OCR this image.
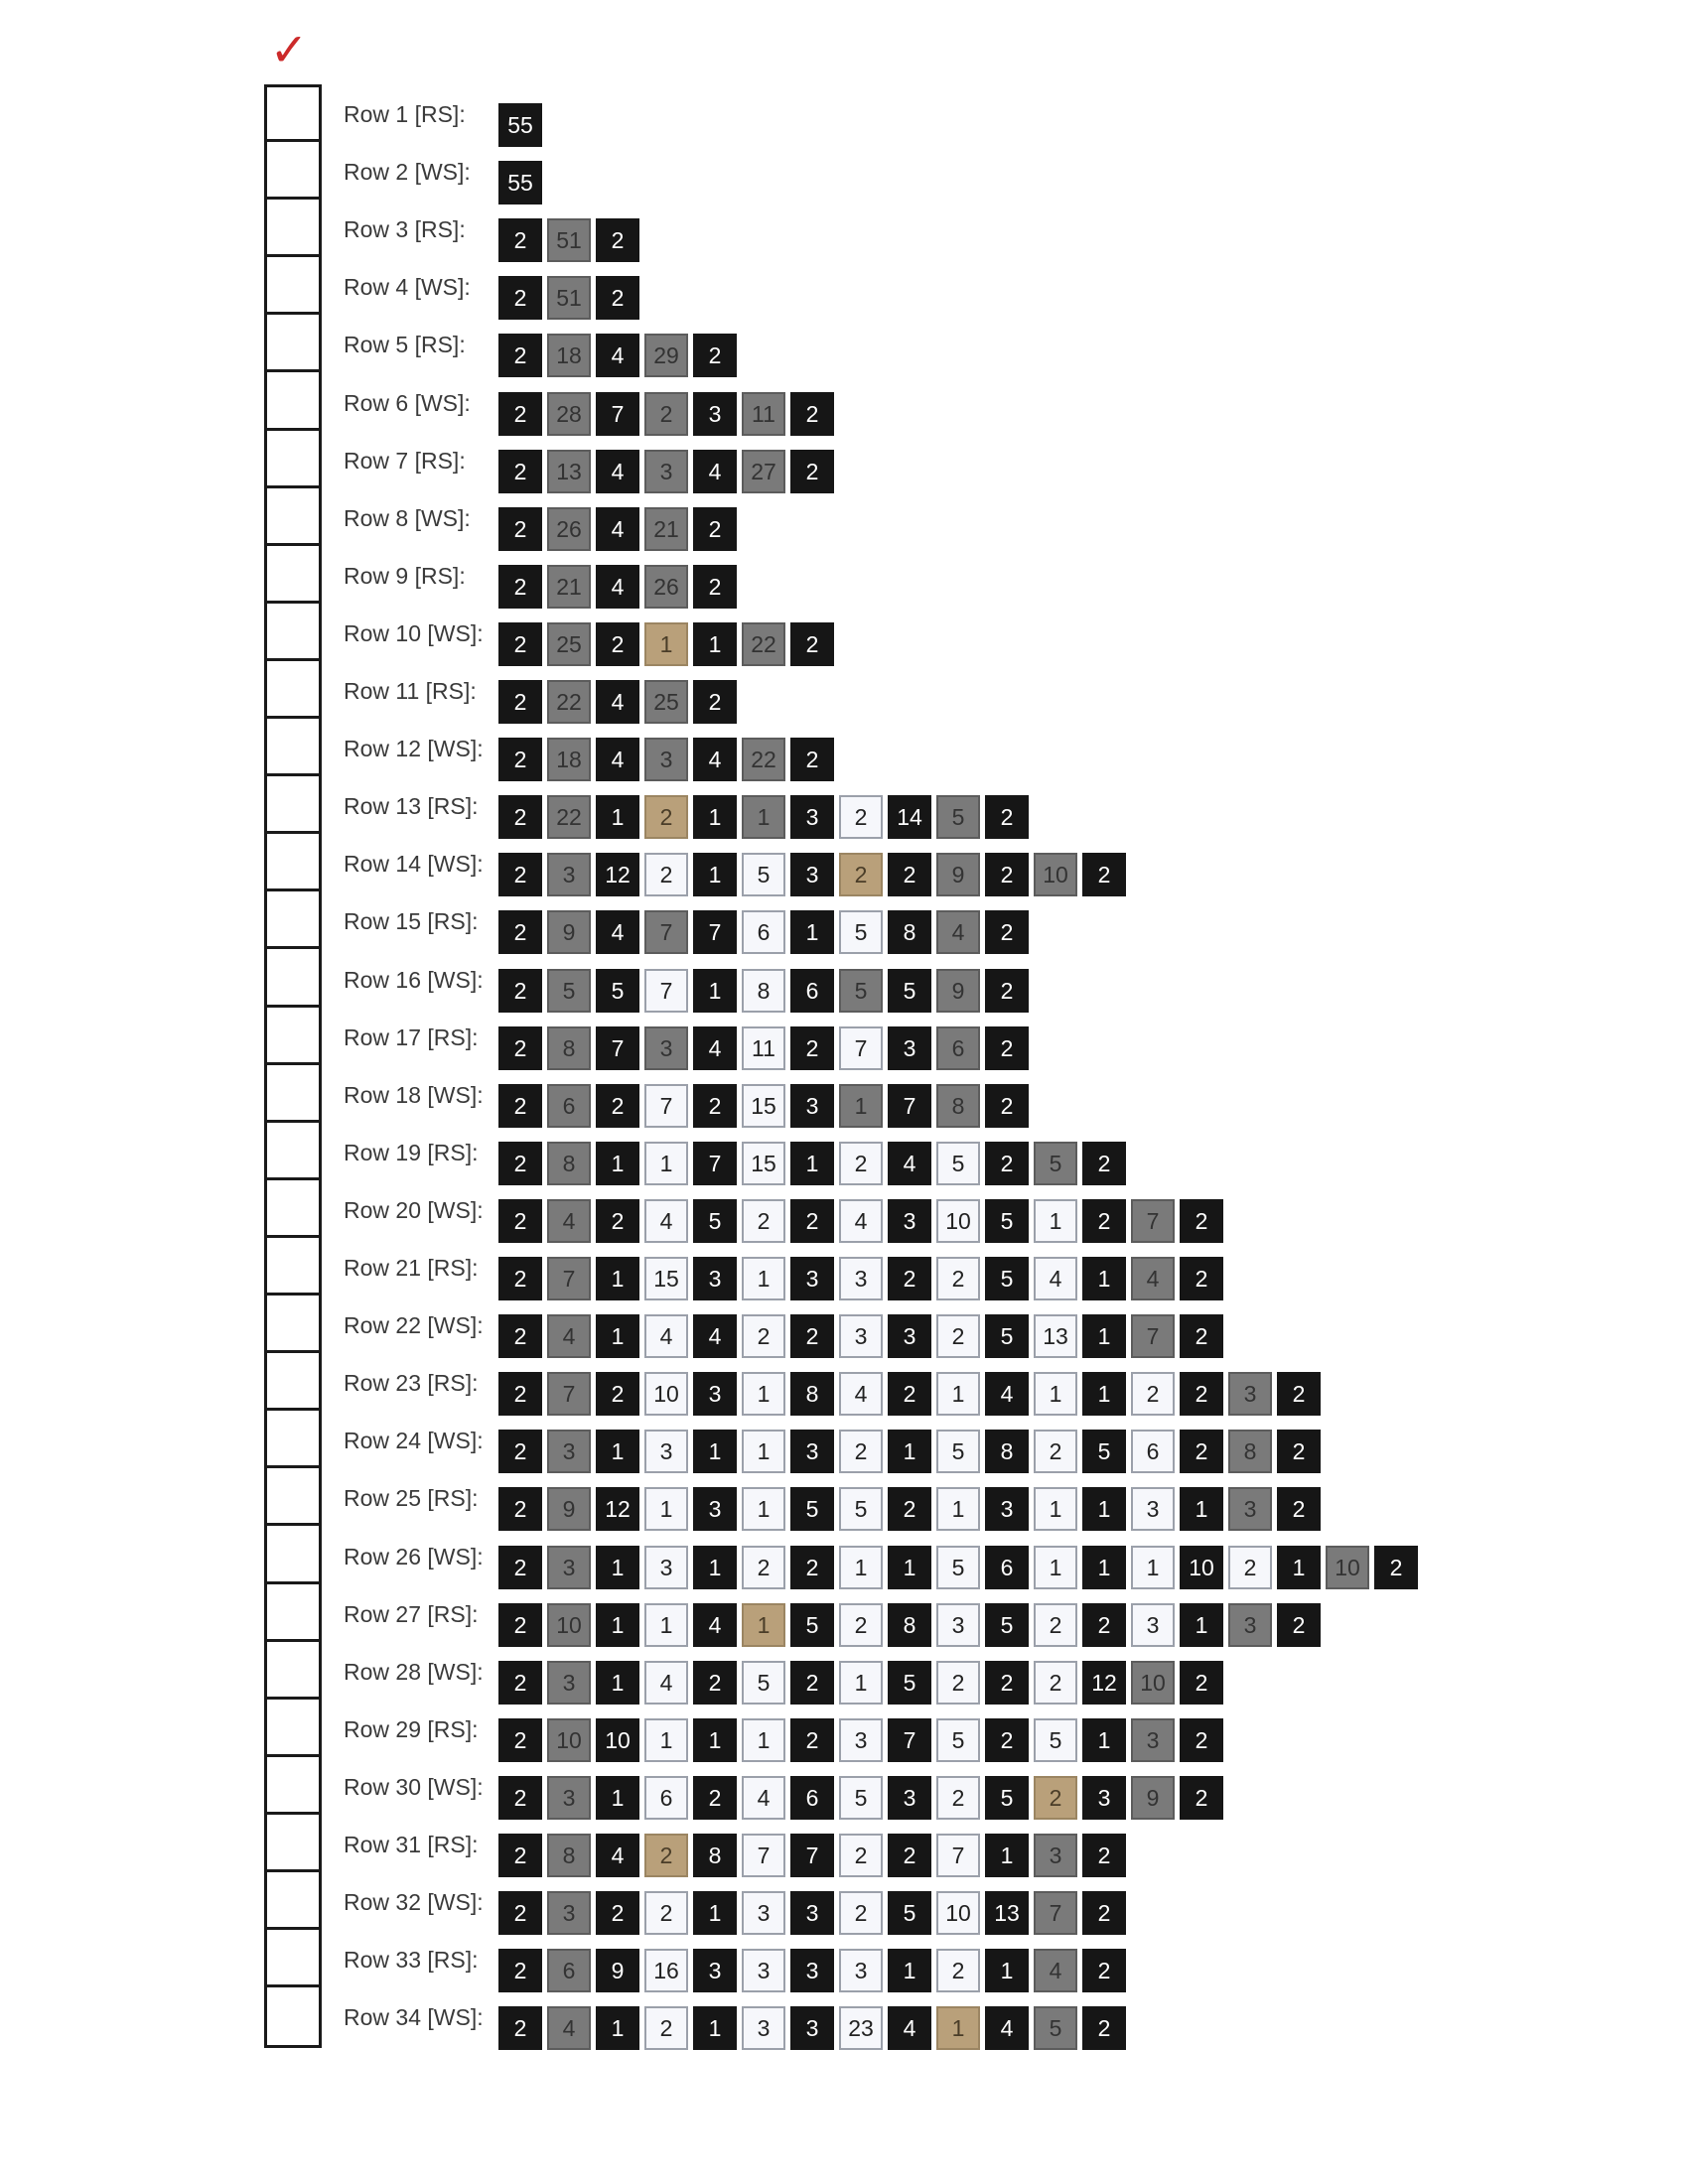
✓
Row 1 [RS]:	55
Row 2 [WS]:	55
Row 3 [RS]:	2	51	2
Row 4 [WS]:	2	51	2
Row 5 [RS]:	2	18	4	29	2
Row 6 [WS]:	2	28	7	2	3	11	2
Row 7 [RS]:	2	13	4	3	4	27	2
Row 8 [WS]:	2	26	4	21	2
Row 9 [RS]:	2	21	4	26	2
Row 10 [WS]:	2	25	2	1	1	22	2
Row 11 [RS]:	2	22	4	25	2
Row 12 [WS]:	2	18	4	3	4	22	2
Row 13 [RS]:	2	22	1	2	1	1	3	2	14	5	2
Row 14 [WS]:	2	3	12	2	1	5	3	2	2	9	2	10	2
Row 15 [RS]:	2	9	4	7	7	6	1	5	8	4	2
Row 16 [WS]:	2	5	5	7	1	8	6	5	5	9	2
Row 17 [RS]:	2	8	7	3	4	11	2	7	3	6	2
Row 18 [WS]:	2	6	2	7	2	15	3	1	7	8	2
Row 19 [RS]:	2	8	1	1	7	15	1	2	4	5	2	5	2
Row 20 [WS]:	2	4	2	4	5	2	2	4	3	10	5	1	2	7	2
Row 21 [RS]:	2	7	1	15	3	1	3	3	2	2	5	4	1	4	2
Row 22 [WS]:	2	4	1	4	4	2	2	3	3	2	5	13	1	7	2
Row 23 [RS]:	2	7	2	10	3	1	8	4	2	1	4	1	1	2	2	3	2
Row 24 [WS]:	2	3	1	3	1	1	3	2	1	5	8	2	5	6	2	8	2
Row 25 [RS]:	2	9	12	1	3	1	5	5	2	1	3	1	1	3	1	3	2
Row 26 [WS]:	2	3	1	3	1	2	2	1	1	5	6	1	1	1	10	2	1	10	2
Row 27 [RS]:	2	10	1	1	4	1	5	2	8	3	5	2	2	3	1	3	2
Row 28 [WS]:	2	3	1	4	2	5	2	1	5	2	2	2	12	10	2
Row 29 [RS]:	2	10	10	1	1	1	2	3	7	5	2	5	1	3	2
Row 30 [WS]:	2	3	1	6	2	4	6	5	3	2	5	2	3	9	2
Row 31 [RS]:	2	8	4	2	8	7	7	2	2	7	1	3	2
Row 32 [WS]:	2	3	2	2	1	3	3	2	5	10	13	7	2
Row 33 [RS]:	2	6	9	16	3	3	3	3	1	2	1	4	2
Row 34 [WS]:	2	4	1	2	1	3	3	23	4	1	4	5	2
